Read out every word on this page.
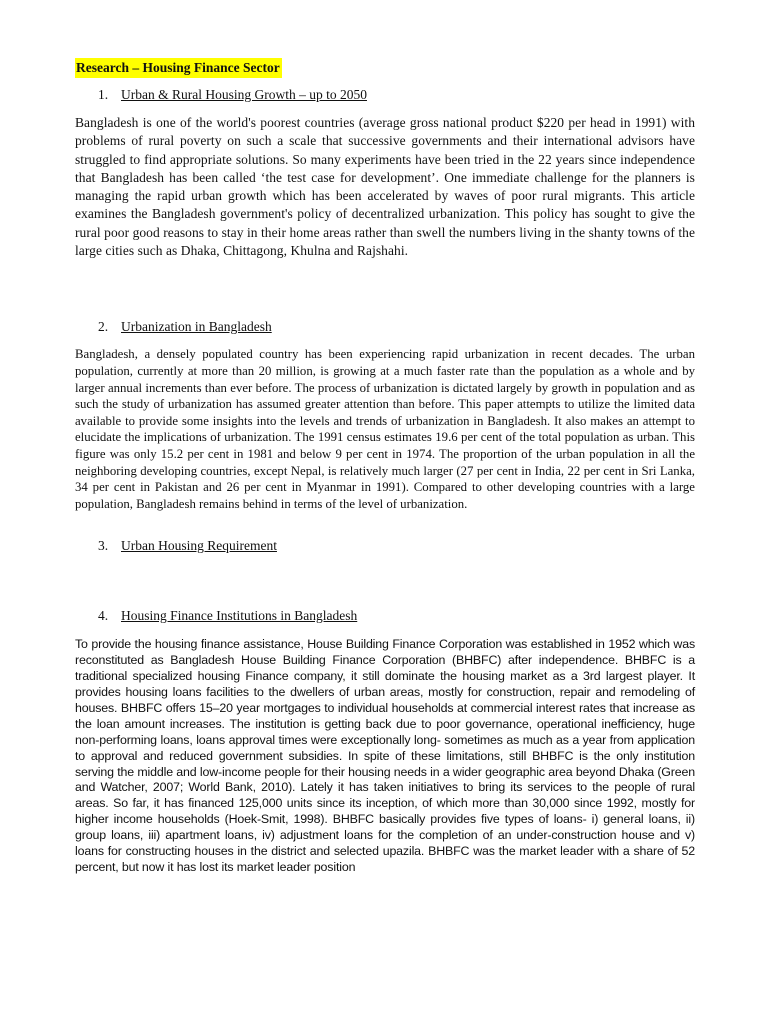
Research – Housing Finance Sector
1. Urban & Rural Housing Growth – up to 2050

Bangladesh is one of the world's poorest countries (average gross national product $220 per head in 1991) with problems of rural poverty on such a scale that successive governments and their international advisors have struggled to find appropriate solutions. So many experiments have been tried in the 22 years since independence that Bangladesh has been called ‘the test case for development’. One immediate challenge for the planners is managing the rapid urban growth which has been accelerated by waves of poor rural migrants. This article examines the Bangladesh government's policy of decentralized urbanization. This policy has sought to give the rural poor good reasons to stay in their home areas rather than swell the numbers living in the shanty towns of the large cities such as Dhaka, Chittagong, Khulna and Rajshahi.

2. Urbanization in Bangladesh

Bangladesh, a densely populated country has been experiencing rapid urbanization in recent decades. The urban population, currently at more than 20 million, is growing at a much faster rate than the population as a whole and by larger annual increments than ever before. The process of urbanization is dictated largely by growth in population and as such the study of urbanization has assumed greater attention than before. This paper attempts to utilize the limited data available to provide some insights into the levels and trends of urbanization in Bangladesh. It also makes an attempt to elucidate the implications of urbanization. The 1991 census estimates 19.6 per cent of the total population as urban. This figure was only 15.2 per cent in 1981 and below 9 per cent in 1974. The proportion of the urban population in all the neighboring developing countries, except Nepal, is relatively much larger (27 per cent in India, 22 per cent in Sri Lanka, 34 per cent in Pakistan and 26 per cent in Myanmar in 1991). Compared to other developing countries with a large population, Bangladesh remains behind in terms of the level of urbanization.

3. Urban Housing Requirement
4. Housing Finance Institutions in Bangladesh

To provide the housing finance assistance, House Building Finance Corporation was established in 1952 which was reconstituted as Bangladesh House Building Finance Corporation (BHBFC) after independence. BHBFC is a traditional specialized housing Finance company, it still dominate the housing market as a 3rd largest player. It provides housing loans facilities to the dwellers of urban areas, mostly for construction, repair and remodeling of houses. BHBFC offers 15–20 year mortgages to individual households at commercial interest rates that increase as the loan amount increases. The institution is getting back due to poor governance, operational inefficiency, huge non-performing loans, loans approval times were exceptionally long- sometimes as much as a year from application to approval and reduced government subsidies. In spite of these limitations, still BHBFC is the only institution serving the middle and low-income people for their housing needs in a wider geographic area beyond Dhaka (Green and Watcher, 2007; World Bank, 2010). Lately it has taken initiatives to bring its services to the people of rural areas. So far, it has financed 125,000 units since its inception, of which more than 30,000 since 1992, mostly for higher income households (Hoek-Smit, 1998). BHBFC basically provides five types of loans- i) general loans, ii) group loans, iii) apartment loans, iv) adjustment loans for the completion of an under-construction house and v) loans for constructing houses in the district and selected upazila. BHBFC was the market leader with a share of 52 percent, but now it has lost its market leader position
